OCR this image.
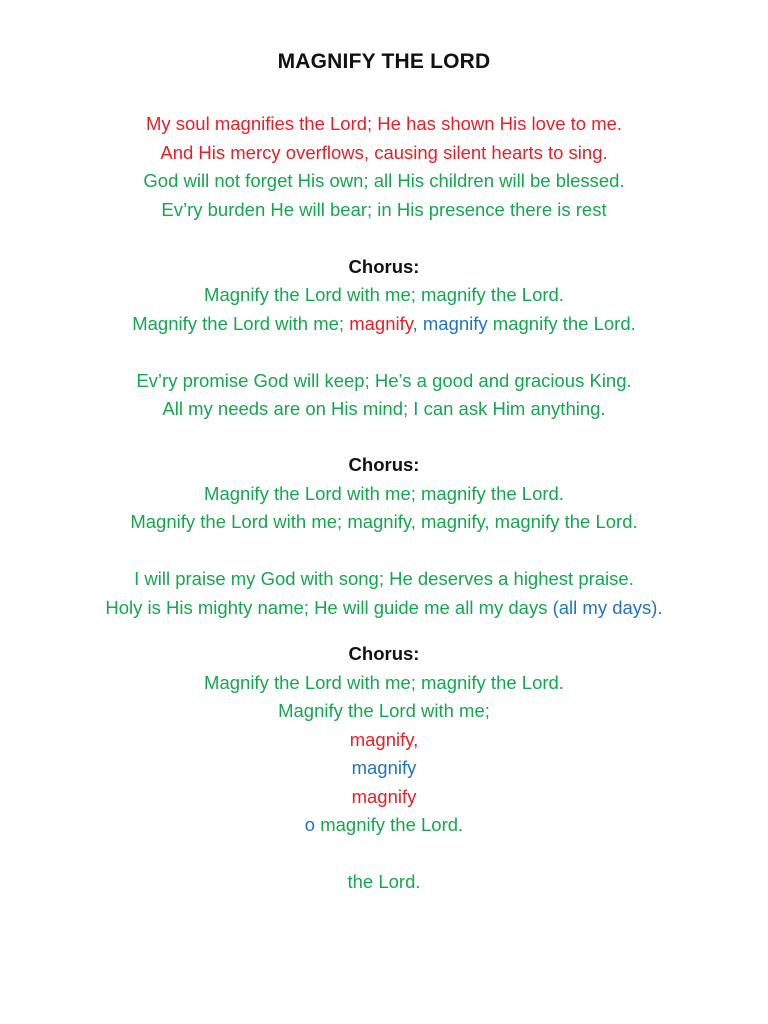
MAGNIFY THE LORD
My soul magnifies the Lord; He has shown His love to me.
And His mercy overflows, causing silent hearts to sing.
God will not forget His own; all His children will be blessed.
Ev’ry burden He will bear; in His presence there is rest
Chorus:
Magnify the Lord with me; magnify the Lord.
Magnify the Lord with me; magnify, magnify magnify the Lord.
Ev’ry promise God will keep; He’s a good and gracious King.
All my needs are on His mind; I can ask Him anything.
Chorus:
Magnify the Lord with me; magnify the Lord.
Magnify the Lord with me; magnify, magnify, magnify the Lord.
I will praise my God with song; He deserves a highest praise.
Holy is His mighty name; He will guide me all my days (all my days).
Chorus:
Magnify the Lord with me; magnify the Lord.
Magnify the Lord with me;
magnify,
magnify
magnify
o magnify the Lord.
the Lord.
